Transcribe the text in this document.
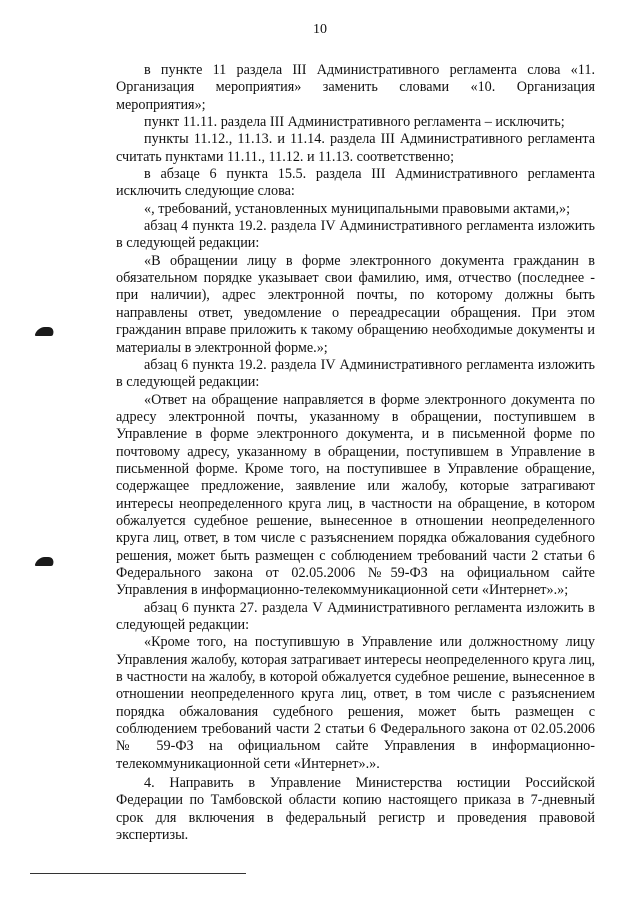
10

в пункте 11 раздела III Административного регламента слова «11. Организация мероприятия» заменить словами «10. Организация мероприятия»;

пункт 11.11. раздела III Административного регламента – исключить;

пункты 11.12., 11.13. и 11.14. раздела III Административного регламента считать пунктами 11.11., 11.12. и 11.13. соответственно;

в абзаце 6 пункта 15.5. раздела III Административного регламента исключить следующие слова:

«, требований, установленных муниципальными правовыми актами,»;

абзац 4 пункта 19.2. раздела IV Административного регламента изложить в следующей редакции:

«В обращении лицу в форме электронного документа гражданин в обязательном порядке указывает свои фамилию, имя, отчество (последнее - при наличии), адрес электронной почты, по которому должны быть направлены ответ, уведомление о переадресации обращения. При этом гражданин вправе приложить к такому обращению необходимые документы и материалы в электронной форме.»;

абзац 6 пункта 19.2. раздела IV Административного регламента изложить в следующей редакции:

«Ответ на обращение направляется в форме электронного документа по адресу электронной почты, указанному в обращении, поступившем в Управление в форме электронного документа, и в письменной форме по почтовому адресу, указанному в обращении, поступившем в Управление в письменной форме. Кроме того, на поступившее в Управление обращение, содержащее предложение, заявление или жалобу, которые затрагивают интересы неопределенного круга лиц, в частности на обращение, в котором обжалуется судебное решение, вынесенное в отношении неопределенного круга лиц, ответ, в том числе с разъяснением порядка обжалования судебного решения, может быть размещен с соблюдением требований части 2 статьи 6 Федерального закона от 02.05.2006 №59-ФЗ на официальном сайте Управления в информационно-телекоммуникационной сети «Интернет».»;

абзац 6 пункта 27. раздела V Административного регламента изложить в следующей редакции:

«Кроме того, на поступившую в Управление или должностному лицу Управления жалобу, которая затрагивает интересы неопределенного круга лиц, в частности на жалобу, в которой обжалуется судебное решение, вынесенное в отношении неопределенного круга лиц, ответ, в том числе с разъяснением порядка обжалования судебного решения, может быть размещен с соблюдением требований части 2 статьи 6 Федерального закона от 02.05.2006 № 59-ФЗ на официальном сайте Управления в информационно-телекоммуникационной сети «Интернет».».

4. Направить в Управление Министерства юстиции Российской Федерации по Тамбовской области копию настоящего приказа в 7-дневный срок для включения в федеральный регистр и проведения правовой экспертизы.
